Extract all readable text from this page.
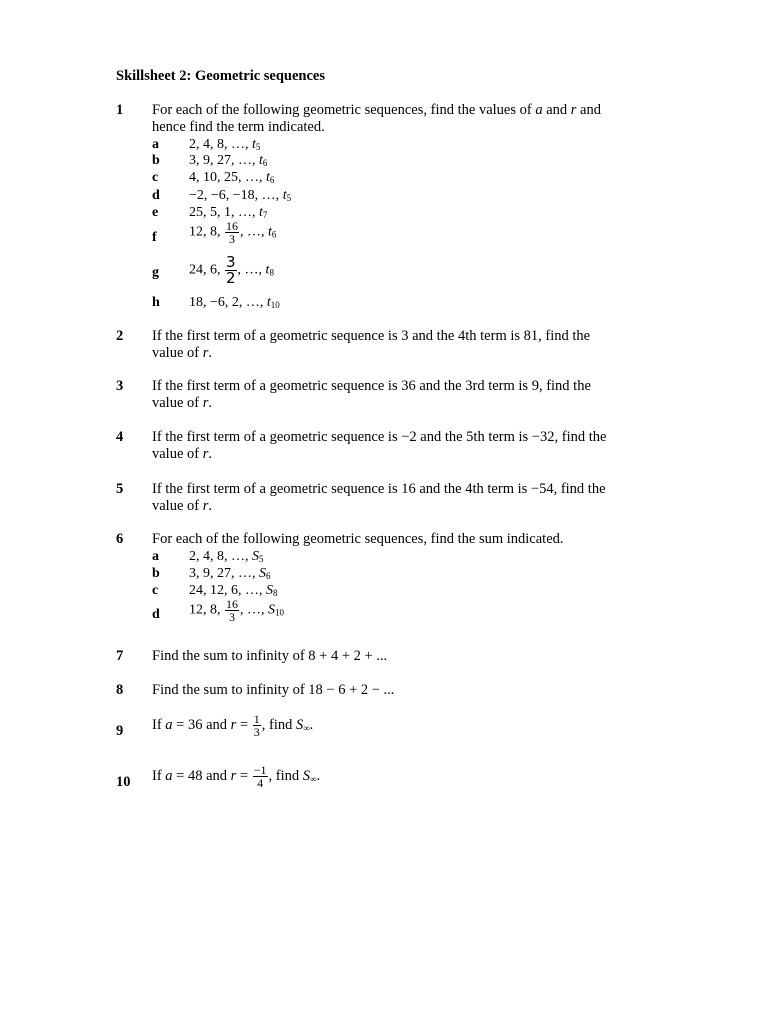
Skillsheet 2: Geometric sequences
1 For each of the following geometric sequences, find the values of a and r and
hence find the term indicated.
a 2, 4, 8, …, $t_5$
b 3, 9, 27, …, $t_6$
c 4, 10, 25, …, $t_6$
d −2, −6, −18, …, $t_5$
e 25, 5, 1, …, $t_7$
f 12, 8, $\frac{16}{3}$ , …, $t_6$
g 24, 6, $\frac{3}{2}$ , …, $t_8$
h 18, −6, 2, …, $t_{10}$
2 If the first term of a geometric sequence is 3 and the 4th term is 81, find the
value of r.
3 If the first term of a geometric sequence is 36 and the 3rd term is 9, find the
value of r.
4 If the first term of a geometric sequence is −2 and the 5th term is −32, find the
value of r.
5 If the first term of a geometric sequence is 16 and the 4th term is −54, find the
value of r.
6 For each of the following geometric sequences, find the sum indicated.
a 2, 4, 8, …, $S_5$
b 3, 9, 27, …, $S_6$
c 24, 12, 6, …, $S_8$
d 12, 8, $\frac{16}{3}$ , …, $S_{10}$
7 Find the sum to infinity of 8 + 4 + 2 + ...
8 Find the sum to infinity of 18 − 6 + 2 − ...
9 If a = 36 and $r = \frac{1}{3}$ , find $S_\infty$.
10 If a = 48 and $r = \frac{-1}{4}$ , find $S_\infty$.
